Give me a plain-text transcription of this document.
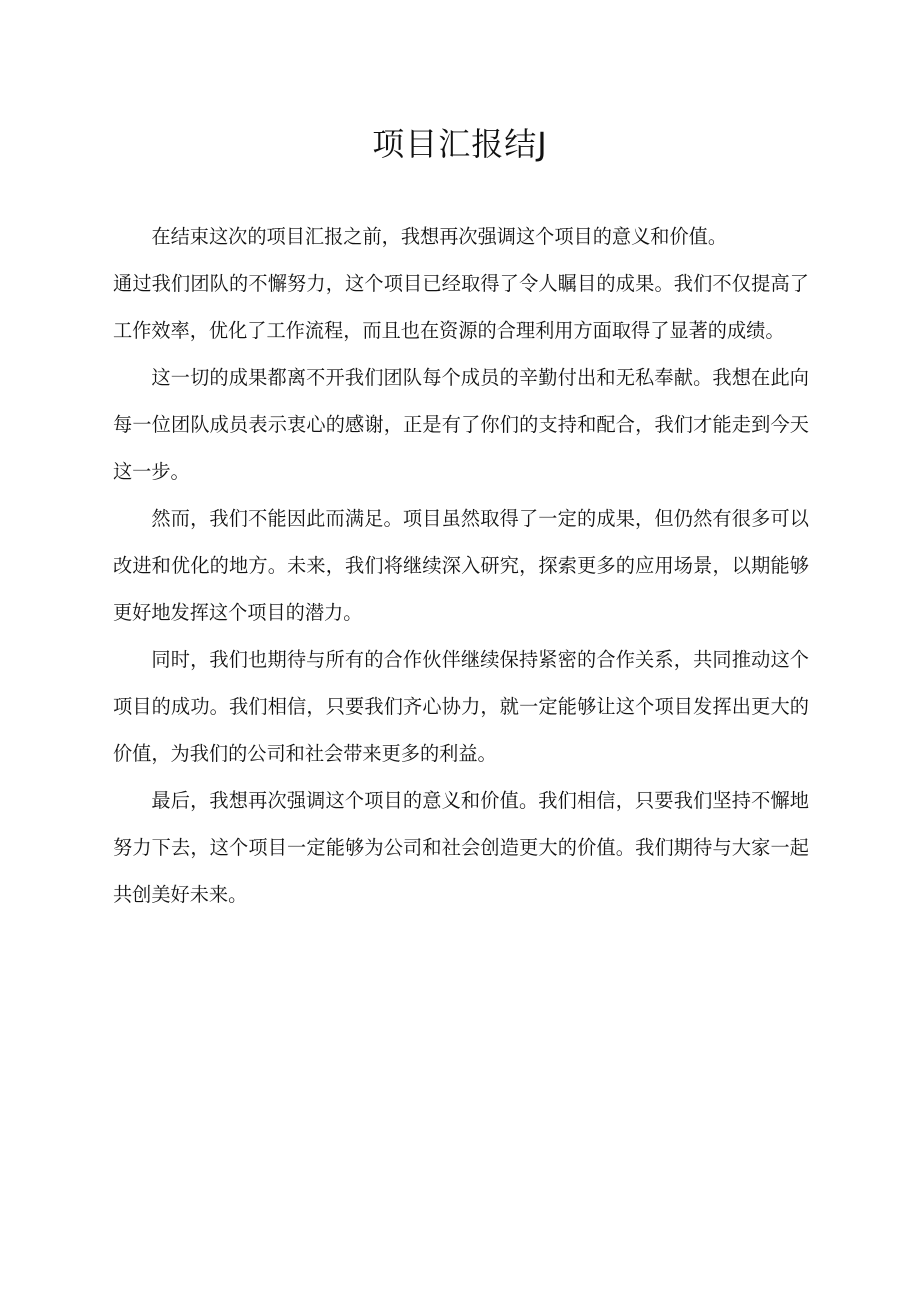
项目汇报结J

在结束这次的项目汇报之前，我想再次强调这个项目的意义和价值。

通过我们团队的不懈努力，这个项目已经取得了令人瞩目的成果。我们不仅提高了工作效率，优化了工作流程，而且也在资源的合理利用方面取得了显著的成绩。

这一切的成果都离不开我们团队每个成员的辛勤付出和无私奉献。我想在此向每一位团队成员表示衷心的感谢，正是有了你们的支持和配合，我们才能走到今天这一步。

然而，我们不能因此而满足。项目虽然取得了一定的成果，但仍然有很多可以改进和优化的地方。未来，我们将继续深入研究，探索更多的应用场景，以期能够更好地发挥这个项目的潜力。

同时，我们也期待与所有的合作伙伴继续保持紧密的合作关系，共同推动这个项目的成功。我们相信，只要我们齐心协力，就一定能够让这个项目发挥出更大的价值，为我们的公司和社会带来更多的利益。

最后，我想再次强调这个项目的意义和价值。我们相信，只要我们坚持不懈地努力下去，这个项目一定能够为公司和社会创造更大的价值。我们期待与大家一起共创美好未来。
